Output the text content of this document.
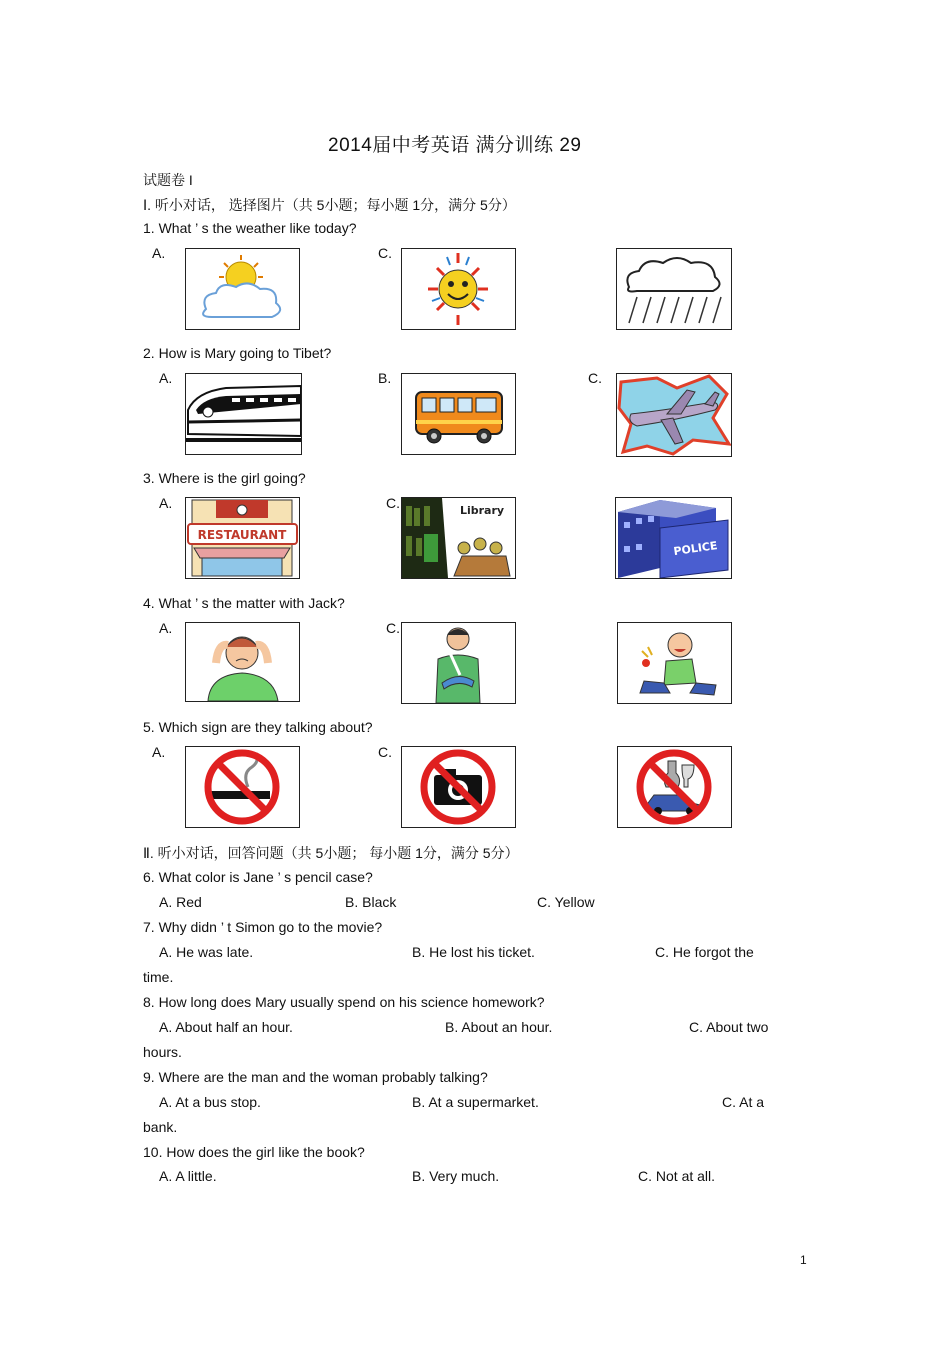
2014届中考英语 满分训练 29
试题卷 I
Ⅰ. 听小对话， 选择图片（共 5小题；每小题 1分，满分 5分）
1. What ’ s the weather like today?
A.	C.
2. How is Mary going to Tibet?
A.	B.	C.
3. Where is the girl going?
A.	C.
RESTAURANT
Library
POLICE
4. What ’ s the matter with Jack?
A.	C.
5. Which sign are they talking about?
A.	C.
Ⅱ. 听小对话，回答问题（共 5小题； 每小题 1分，满分 5分）
6. What color is Jane ’ s pencil case?
A. Red	B. Black	C. Yellow
7. Why didn ’ t Simon go to the movie?
A. He was late.	B. He lost his ticket.	C. He forgot the
time.
8. How long does Mary usually spend on his science homework?
A. About half an hour.	B. About an hour.	C. About two
hours.
9. Where are the man and the woman probably talking?
A. At a bus stop.	B. At a supermarket.	C. At a
bank.
10. How does the girl like the book?
A. A little.	B. Very much.	C. Not at all.
1
